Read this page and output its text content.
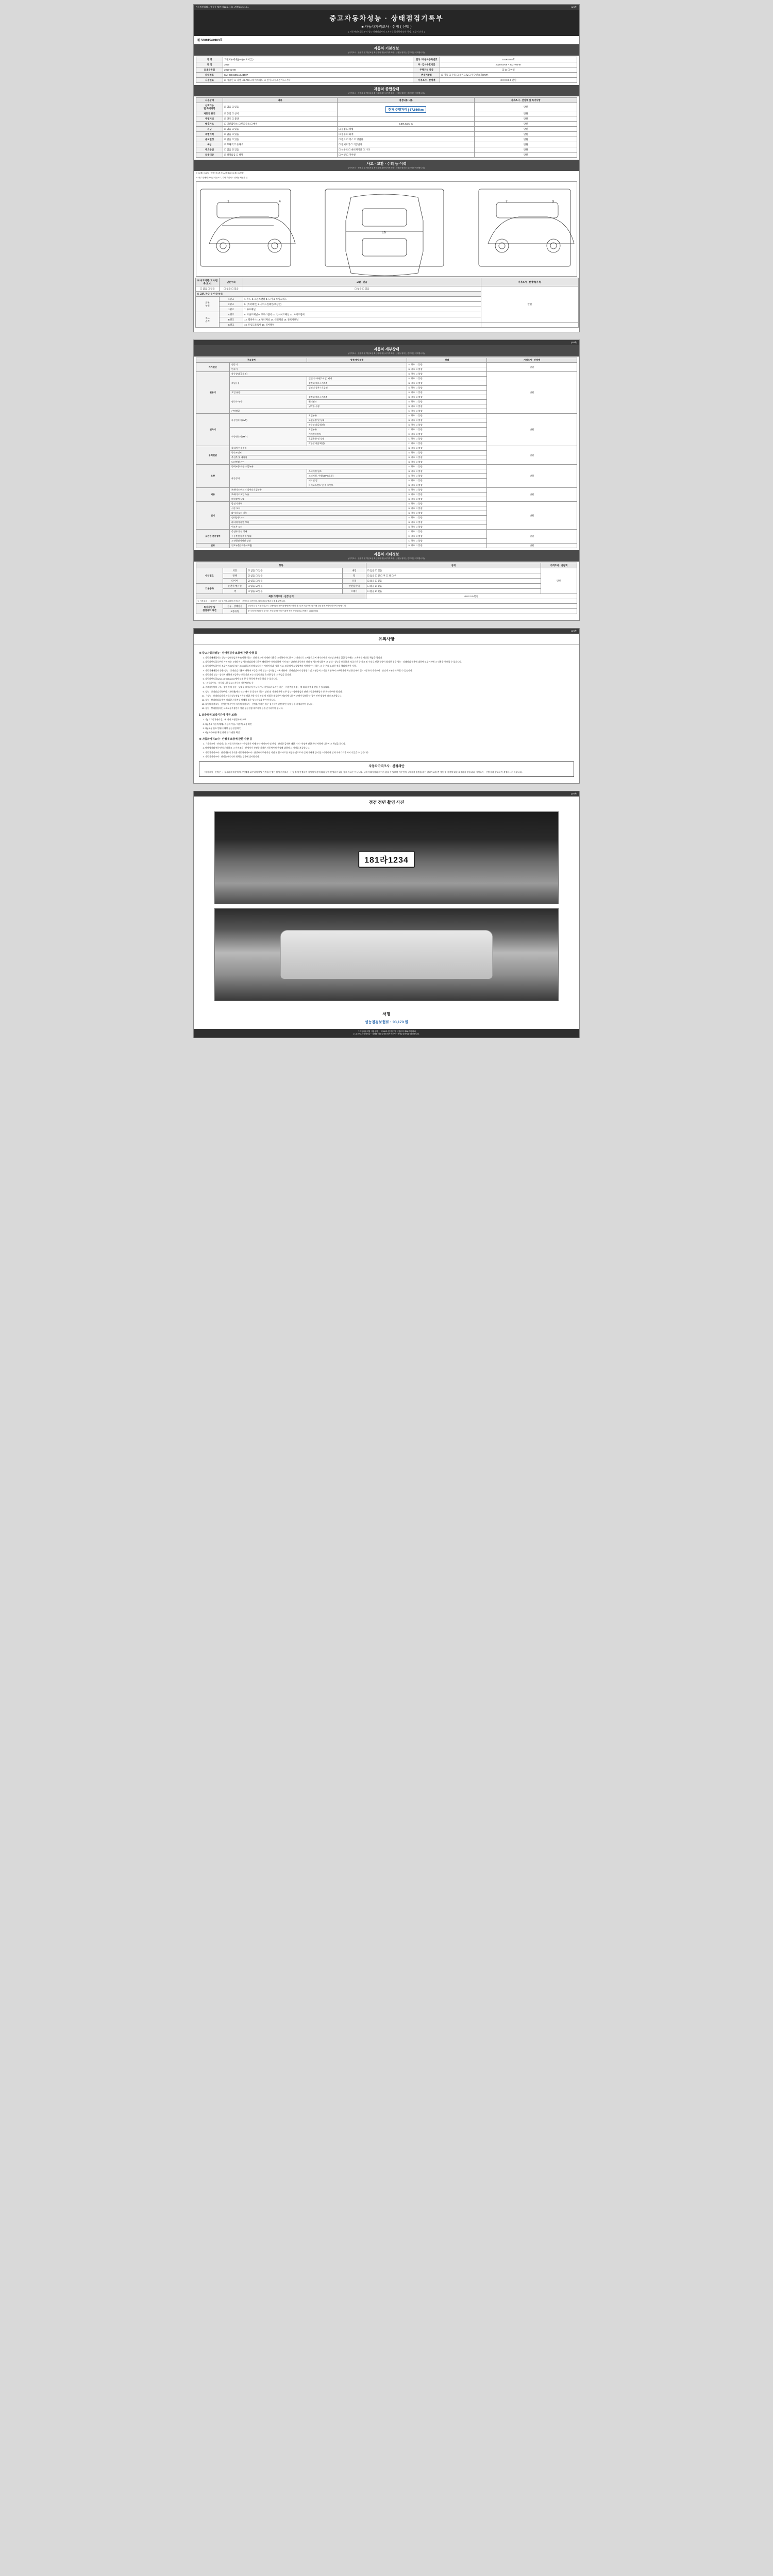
자동차관리법 시행규칙 [별지 제28호서식] <개정 2021.1.5.>	(1/4쪽)
중고자동차성능 · 상태점검기록부
■ 자동차가격조사 · 산정 ( 선택 )
[ 자동차인도일로부터 성능·상태점검자의 고지의무 불이행에 따른 책임 / 보증기간 내 ]
제 52001544983호
자동차 기본정보
(가격조사 · 산정자 및 책임보험 확인자가 자동차가격조사 · 산정을 원하는 경우에만 기재합니다)
차 명	그랜저(6세대)(HG) (4도어급 )	연식 / 자동차등록번호	191R0745호
연 식	2019	주 · 검사유효기간	2025-02-08 ~ 2027-02-07
최초등록일	2019-02-08	주행거리 종류	☑ ㎞ ☐ 마일
차대번호	KMHG341EMAGA1507	변속기종류	☑ 자동 ☐ 수동 ☐ 세미오토 ☐ 무단변속기(CVT)
사용연료	☑ 가솔린 ☐ 디젤 ☐ LPG ☐ 하이브리드 ☐ 전기 ☐ 수소전기 ☐ 기타	가격조사 · 산정액	0 0 0 0 0 0 만원
자동차 종합상태
(가격조사 · 산정자 및 책임보험 확인자가 자동차가격조사 · 산정을 원하는 경우에만 기재합니다)
사용상태	내용	점검내용 내용	가격조사 · 산정에 및 특기사항
선택기능
및 특기사항	☑ 없음 ☐ 있음	현재 주행거리 | 67,669km	만원
자동차 표기	☑ 동일 ☐ 상이		만원
주행거리	☑ 양호 ☐ 불량		만원
배출가스	☐ 일산화탄소 ☐ 탄화수소 ☐ 매연	0.07L 5pm. %	만원
튜닝	☑ 없음 ☐ 있음	☐ 불법 ☐ 적법	만원
특별이력	☑ 없음 ☐ 있음	☐ 침수 ☐ 화재	만원
용도변경	☑ 없음 ☐ 있음	☐ 렌트 ☐ 리스 ☐ 영업용	만원
색상	☑ 무채색 ☐ 유채색	☐ 전체도색 ☐ 색상변경	만원
주요옵션	☐ 없음 ☑ 있음	☐ 선루프 ☐ 내비게이션 ☐ 기타	만원
리콜대상	☑ 해당없음 ☐ 해당	☐ 이행 ☐ 미이행	만원
사고 · 교환 · 수리 등 이력
(가격조사 · 산정자 및 책임보험 확인자가 자동차가격조사 · 산정을 원하는 경우에만 기재합니다)
※ (교환) X (판금 · 용접) W (부식) A (흠집) U (요철) C (부품)
※ 하부 상태에 표시한 기준으로, 기타 부위에도 상태를 확인할 것
16
1	4	7	9
※ 사고이력 (교차/접촉 표시)	단순수리	교환 · 판금	가격조사 · 산정액(가격)
☐ 없음 ☐ 있음	☐ 없음 ☐ 있음	☐ 없음 ☐ 있음	만원
※ 교환, 판금 등 이상 부위			
외판
부위	1랭크	1. 후드 2. 프론트팬더 3. 도어 4. 트렁크리드	
	2랭크	5. (쿼터패널) 6. 사이드실패널(보강판)	
	3랭크	7. 루프패널	
주요
골격	A랭크	8. 프론트패널 9. 크로스멤버 10. 인사이드패널 11. 사이드멤버	
	B랭크	12. 휠하우스 13. 필러패널 14. 대쉬패널 15. 플로어패널	
	C랭크	16. 트렁크플로어 17. 리어패널	
(2/4쪽)
자동차 세부상태
(가격조사 · 산정자 및 책임보험 확인자가 자동차가격조사 · 산정을 원하는 경우에만 기재합니다)
주요장치		항목/해당부품	상태	가격조사 · 산정액
자가진단	원동기		☑ 양호 ☐ 불량	만원
	변속기		☑ 양호 ☐ 불량
원동기	작동상태(공회전)		☑ 양호 ☐ 불량	만원
	오일누유	실린더 커버(로커암) 커버	☑ 양호 ☐ 불량
		실린더 헤드 / 개스킷	☑ 양호 ☐ 불량
		실린더 블록 / 오일팬	☑ 양호 ☐ 불량
	오일 유량		☑ 양호 ☐ 불량
	냉각수 누수	실린더 헤드 / 개스킷	☑ 양호 ☐ 불량
		워터펌프	☑ 양호 ☐ 불량
		냉각수 수량	☑ 양호 ☐ 불량
	커먼레일		☐ 양호 ☐ 불량
변속기	자동변속기 (A/T)	오일누유	☑ 양호 ☐ 불량	만원
		오일유량 및 상태	☑ 양호 ☐ 불량
		작동상태(공회전)	☑ 양호 ☐ 불량
	수동변속기 (M/T)	오일누유	☐ 양호 ☐ 불량
		기어변속장치	☐ 양호 ☐ 불량
		오일유량 및 상태	☐ 양호 ☐ 불량
		작동상태(공회전)	☐ 양호 ☐ 불량
동력전달	클러치 어셈블리		☑ 양호 ☐ 불량	만원
	등속조인트		☑ 양호 ☐ 불량
	추진축 및 베어링		☑ 양호 ☐ 불량
	디퍼렌셜 기어		☑ 양호 ☐ 불량
조향	동력조향 작동 오일누유		☑ 양호 ☐ 불량	만원
	작동상태	스티어링 펌프	☑ 양호 ☐ 불량
		스티어링 기어(MDPS포함)	☑ 양호 ☐ 불량
		피트먼 암	☑ 양호 ☐ 불량
		타이로드엔드 및 볼 조인트	☑ 양호 ☐ 불량
제동	브레이크 마스터 실린더오일누유		☑ 양호 ☐ 불량	만원
	브레이크 오일 누유		☑ 양호 ☐ 불량
	배력장치 상태		☑ 양호 ☐ 불량
전기	발전기 출력		☑ 양호 ☐ 불량	만원
	시동 모터		☑ 양호 ☐ 불량
	와이퍼 모터 기능		☑ 양호 ☐ 불량
	실내송풍 모터		☑ 양호 ☐ 불량
	라디에이터 팬 모터		☑ 양호 ☐ 불량
	윈도우 모터		☑ 양호 ☐ 불량
고전원 전기장치	충전구 절연 상태		☐ 양호 ☐ 불량	만원
	구동축전지 격리 상태		☐ 양호 ☐ 불량
	고전원전기배선 상태		☐ 양호 ☐ 불량
연료	연료누출(LP가스포함)		☑ 양호 ☐ 불량	만원
자동차 기타정보
(가격조사 · 산정자 및 책임보험 확인자가 자동차가격조사 · 산정을 원하는 경우에만 기재합니다)
항목				상태	가격조사 · 산정액
수리필요	외장	☑ 없음 ☐ 있음	내장	☑ 없음 ☐ 있음	만원
	광택	☑ 없음 ☐ 있음	휠	☑ 없음 ☐ 전 ☐ 후 ☐ 좌 ☐ 우
	타이어	☑ 없음 ☐ 있음	유리	☑ 없음 ☐ 있음
기본품목	운전석 매뉴얼	☐ 없음 ☑ 있음	안전삼각대	☐ 없음 ☑ 있음
	잭	☐ 없음 ☑ 있음	스패너	☐ 없음 ☑ 있음
최종 가격조사 · 산정 금액				0 0 0 0 0 만원	
※ 가격조사 · 산정가격은 성능평가를 위하여 가격조사 · 산정자의 의견이며, 실제 거래금액과 다를 수 있습니다.					
특기사항 및
점검자의 의견	성능 · 상태점검	단순화유 및 도장부위(도로주행시험/부품/시동불량/계기판내 경고등표시)등 중고품거래 검증 판매보험에 의하여 보증합니다			
	보증유형	중·소비자 전화상담 문의는 자동차전문 보증기관에 연락 바랍니다 (고객센터 1644-0900)			
(3/4쪽)
유의사항
※ 중고자동차성능 · 상태점검자 보증에 관한 사항 등
1. 자동차매매업자는 성능 · 상태점검기록부(이하 '성능 · 상태 체크에 기재된 내용을 고지하지 아니하거나 거짓으로 고지함으로써 매수인에게 재산상 손해를 입힌 경우에는 그 손해를 배상할 책임을 집니다.
2. 자동차인도일로부터 가격 또는 2개월 이상 성능점검업체 내용에 해당하여 이에 의하여 가격 또는 발견된 자동차의 상태 및 성능에 대하여 그 상태 · 성능을 보증하며, 보증기간 중 사고 및 수리로 인한 결함이 발생한 경우 성능 · 상태점검 내용에 대하여 보증기관에 그 내용을 통보할 수 있습니다.
3. 자동차인도일부터 보증기간(30일 또는 2,000킬로미터에 도달하는 시점까지)을 정하 이고, 보증에서 고장발견의 이상이 아닌 경우, 그 중 본래 도래한 것을 책임에 관한 사항.
4. 자동차매매업자 등은 성능 · 상태점검 내용에 대하여 보증을 위한 성능 · 상태점검기록 내용에 · 상태점검자의 상황평가 및 보험증서 고지를 포함하여 교부하거나 확인한 날부터 일 · 자동차의 가격조사 · 산정액 교부를 요구할 수 있습니다.
5. 자동차의 성능 · 상태에 대하여 보증하는 보증기간 또는 보증범위를 초과한 경우 그 책임을 집니다.
6. 자동차인도일(www.car365.go.kr)에서 실제 본 등 항목에 확인을 하실 수 있습니다.
7. · 자동차인도 · 자동차 내용공고 / 자동차 자동차인도 등
8. 중고자동차의 구조 · 장치 등의 성능 · 상태를 고지하지 아니하거나 거짓으로 고지한 기존 「자동차관리법」 에 따라 처벌을 받을 수 있습니다.
9. 성능 · 상태점검기록부의 기재내용(매도 또는 매수 중 발견된 성능 · 상태 및 기타에 관한 모두 성능 · 상태점검의 관련 자동차매매업자 등 확인하여야 합니다.
10. 「성능 · 상태점검자가 자동차성능점검기록부 허위 사항 적시 작성 및 허위로 제공하여 제3자에 대하여 손해가 발생하는 경우 관련 법령에 따라 조치됩니다.
11. 성능 · 상태점검을 받지 아니한 자동차를 매매할 경우 성능점검을 받아야 합니다.
12. 자동차가격조사 · 산정은 매수인이 자동차가격조사 · 산정을 원하는 경우 실시하며 관련 확인 사항 등을 기재하여야 합니다.
13. 성능 · 상태점검자는 국토교통부장관이 정한 성능점검 세부사항 등을 준수하여야 합니다.
1. 보증범위(보증기간에 따른 보증)
1. 가) 「자동차관리법」에 따라 보험업자에 교부
2. 나) 주요 자동차매매 / 자동차 부품 / 자동차 보증 확인
3. 다) 보상 한도 범위내 해당 성능점검 확인
4. 라) 보수/부품 확인 관련 불가 권한 확인
※ 자동차가격조사 · 산정에 보증에 관한 사항 등
1. 「가격조사 · 산정자」는 자동차가격조사 · 산정자가 이에 따라 가격조사 및 산정 · 산정한 금액에 대한 가격 · 산정에 관한 확인 사항에 대하여 그 책임을 집니다.
2. 매매업자와 매수인이 거래하고 그 가격조사 · 산정자가 산정한 가격은 자동차가격 산정에 대하여 그 가격을 보증합니다.
3. 자동차가격조사 · 산정내용의 가격은 자동차가격조사 · 산정자의 주관적인 의견 및 참고자료를 제공한 것으로서 실제 거래에 있어 참고사항이며 실제 거래가격과 차이가 있을 수 있습니다.
4. 자동차가격조사 · 산정은 매수인이 원하는 경우에 실시합니다.
자동차가격조사 · 산정의안
「가격조사 · 산정은 」 실시하기 때문에 매수인에게 교부하여 해당 가격을 산정한 실제 가격조사 · 산정 후에 한정하며 기재에 내용에 따라 달라 산정하기 위한 참조 자료는 아닙니다. 실제 거래가격과 차이가 있을 수 있으며 매수인의 구매가격 결정을 위한 참고자료일 뿐 성능 및 가격에 대한 보증하지 않습니다. 가격조사 · 산정 결과 참고하여 결정하시기 바랍니다.
(4/4쪽)
점검 정면 촬영 사진
181라1234
서명
성능점검보험료 : 93,170 원
「 자동차관리법 시행규칙 」 제120조 및 같은 법 시행규칙 제28조에 따라
[ 1/1 ]중고자동차성능 · 상태를 점검 [ 자동차가격조사 · 산정 ] 내용임을 확인합니다.
